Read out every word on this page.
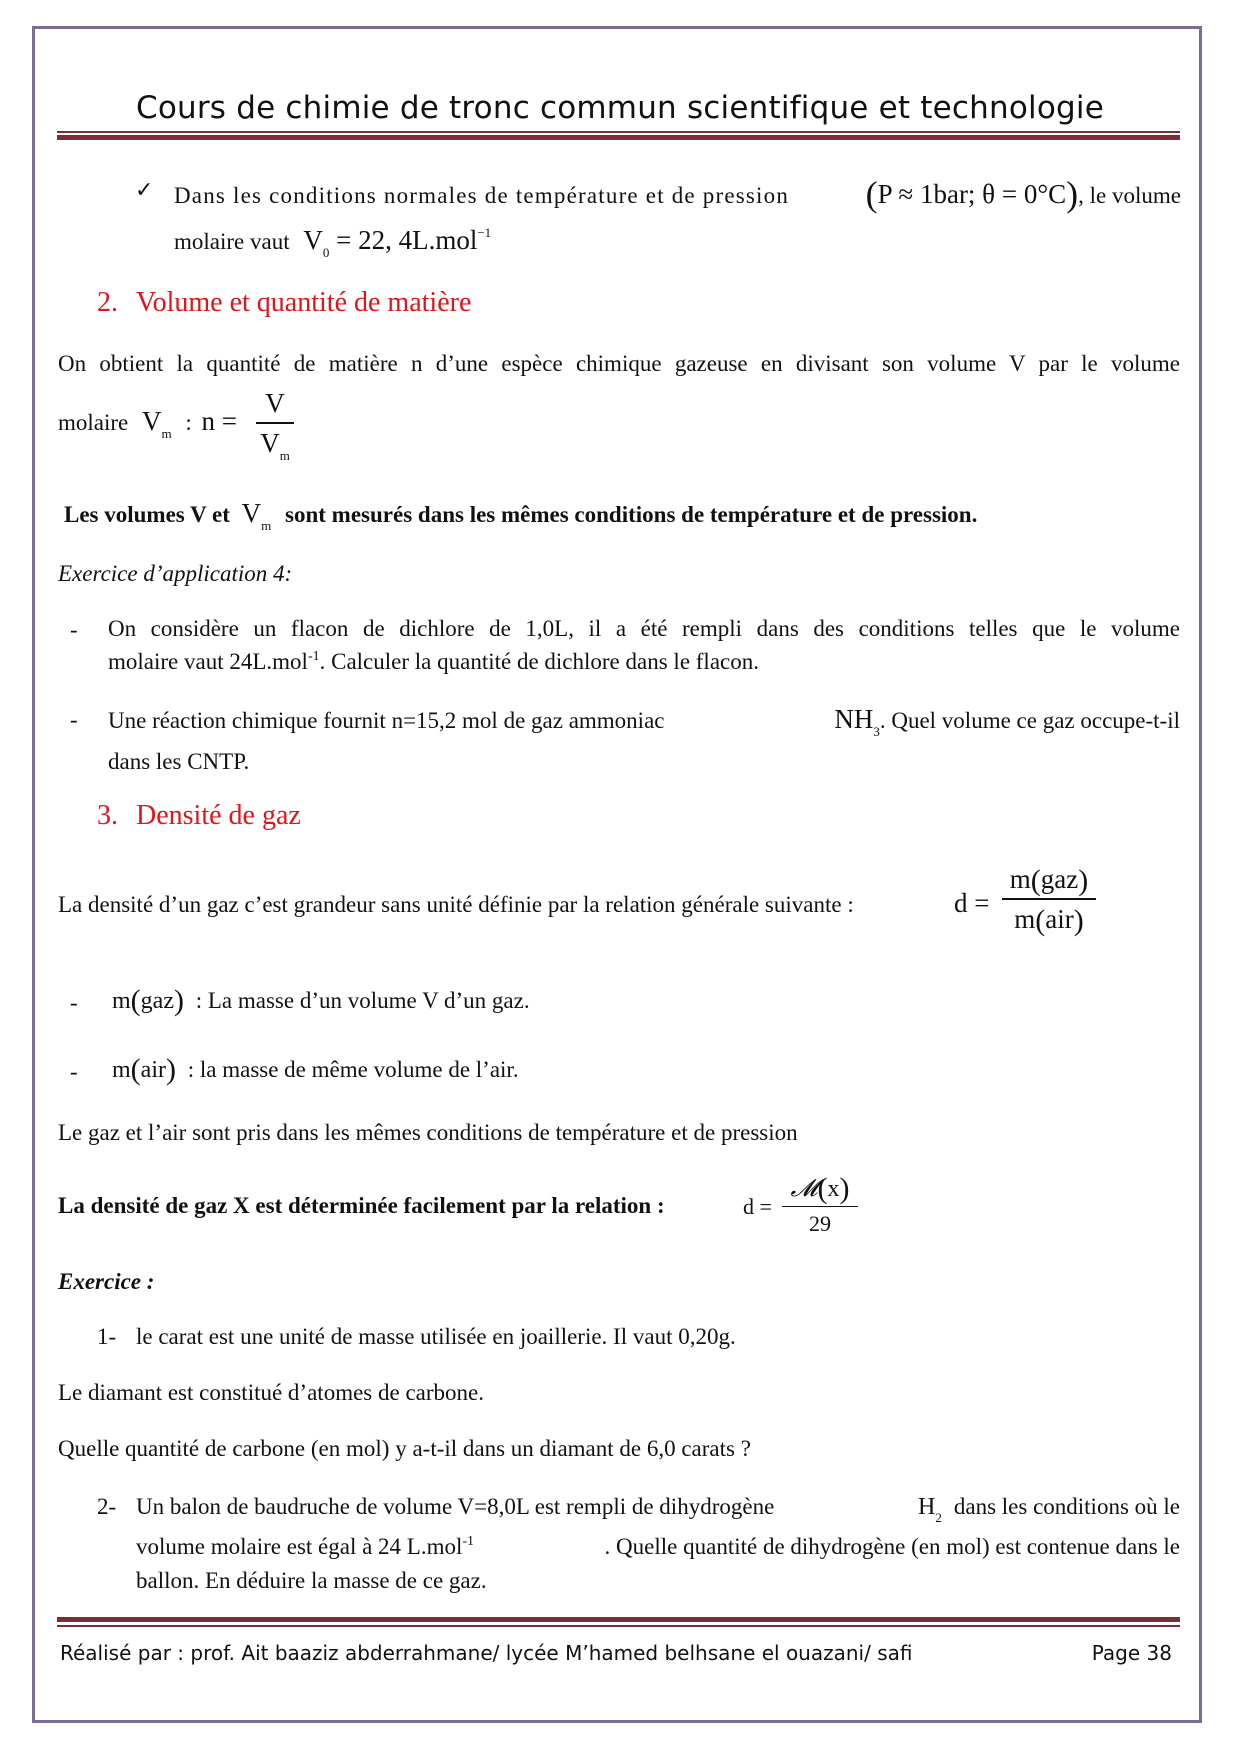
Cours de chimie de tronc commun scientifique et technologie
✓ Dans les conditions normales de température et de pression (P ≈ 1bar; θ = 0°C), le volume
molaire vaut $V_0 = 22$, 4L.mol$^{-1}$
2. Volume et quantité de matière
On obtient la quantité de matière n d’une espèce chimique gazeuse en divisant son volume V par le volume
molaire $V_m$ : n =
V
$V_m$
Les volumes V et $V_m$ sont mesurés dans les mêmes conditions de température et de pression.
Exercice d’application 4:
- On considère un flacon de dichlore de 1,0L, il a été rempli dans des conditions telles que le volume
molaire vaut 24L.mol$^{-1}$. Calculer la quantité de dichlore dans le flacon.
- Une réaction chimique fournit n=15,2 mol de gaz ammoniac	$NH_3$. Quel volume ce gaz occupe-t-il
dans les CNTP.
3. Densité de gaz
La densité d’un gaz c’est grandeur sans unité définie par la relation générale suivante :	d =
m(gaz)
m(air)
- m(gaz) : La masse d’un volume V d’un gaz.
- m(air) : la masse de même volume de l’air.
Le gaz et l’air sont pris dans les mêmes conditions de température et de pression
La densité de gaz X est déterminée facilement par la relation :	d =
𝓜(x)
29
Exercice :
1- le carat est une unité de masse utilisée en joaillerie. Il vaut 0,20g.
Le diamant est constitué d’atomes de carbone.
Quelle quantité de carbone (en mol) y a-t-il dans un diamant de 6,0 carats ?
2- Un balon de baudruche de volume V=8,0L est rempli de dihydrogène	$H_2$ dans les conditions où le
volume molaire est égal à 24 L.mol$^{-1}$	. Quelle quantité de dihydrogène (en mol) est contenue dans le
ballon. En déduire la masse de ce gaz.
Réalisé par : prof. Ait baaziz abderrahmane/ lycée M’hamed belhsane el ouazani/ safi	Page 38
